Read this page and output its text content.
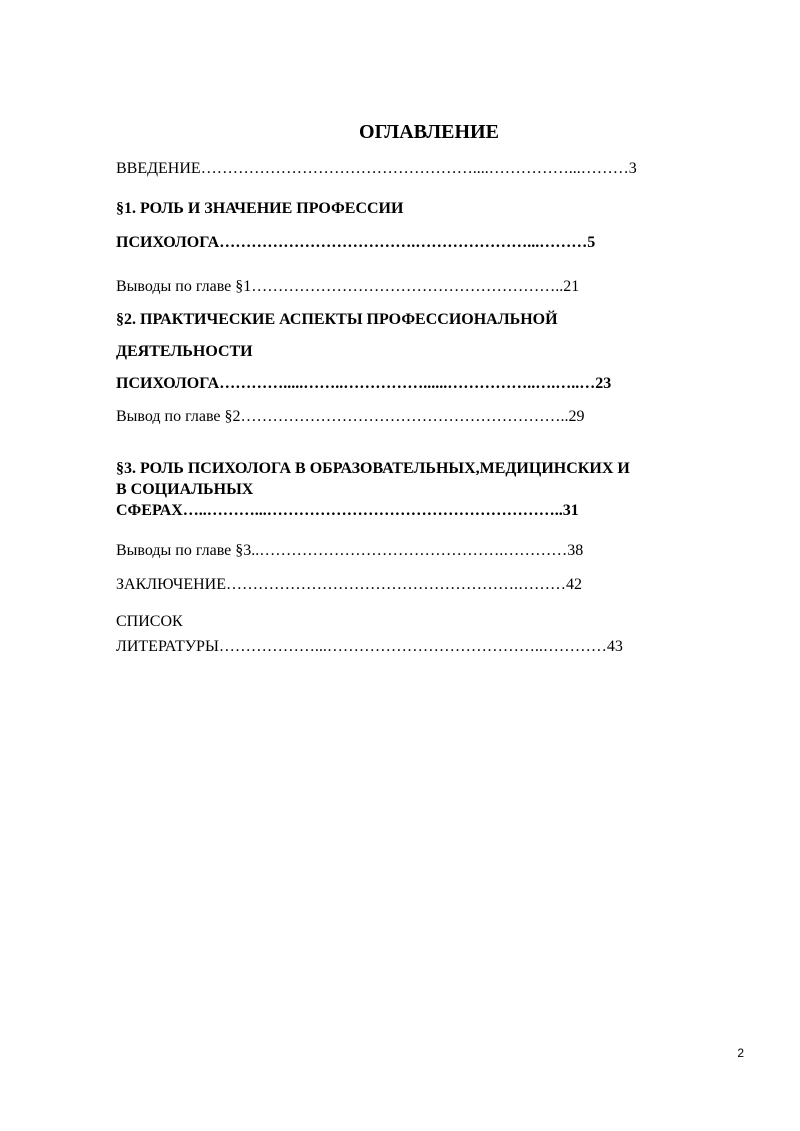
ОГЛАВЛЕНИЕ
ВВЕДЕНИЕ……………………………………………....……………...………3
§1. РОЛЬ И ЗНАЧЕНИЕ ПРОФЕССИИ
ПСИХОЛОГА……………………………….…………………...………5
Выводы по главе §1…………………………………………………..21
§2. ПРАКТИЧЕСКИЕ АСПЕКТЫ ПРОФЕССИОНАЛЬНОЙ
ДЕЯТЕЛЬНОСТИ
ПСИХОЛОГА………….....……..……………......……………..….…..…23
Вывод по главе §2……………………………………………………..29
§3. РОЛЬ ПСИХОЛОГА В ОБРАЗОВАТЕЛЬНЫХ,МЕДИЦИНСКИХ И
В СОЦИАЛЬНЫХ
СФЕРАХ…..………...………………………………………………..31
Выводы по главе §3..……………………………………….…………38
ЗАКЛЮЧЕНИЕ……………………………………………….………42
СПИСОК
ЛИТЕРАТУРЫ………………...…………………………………..…………43
2
